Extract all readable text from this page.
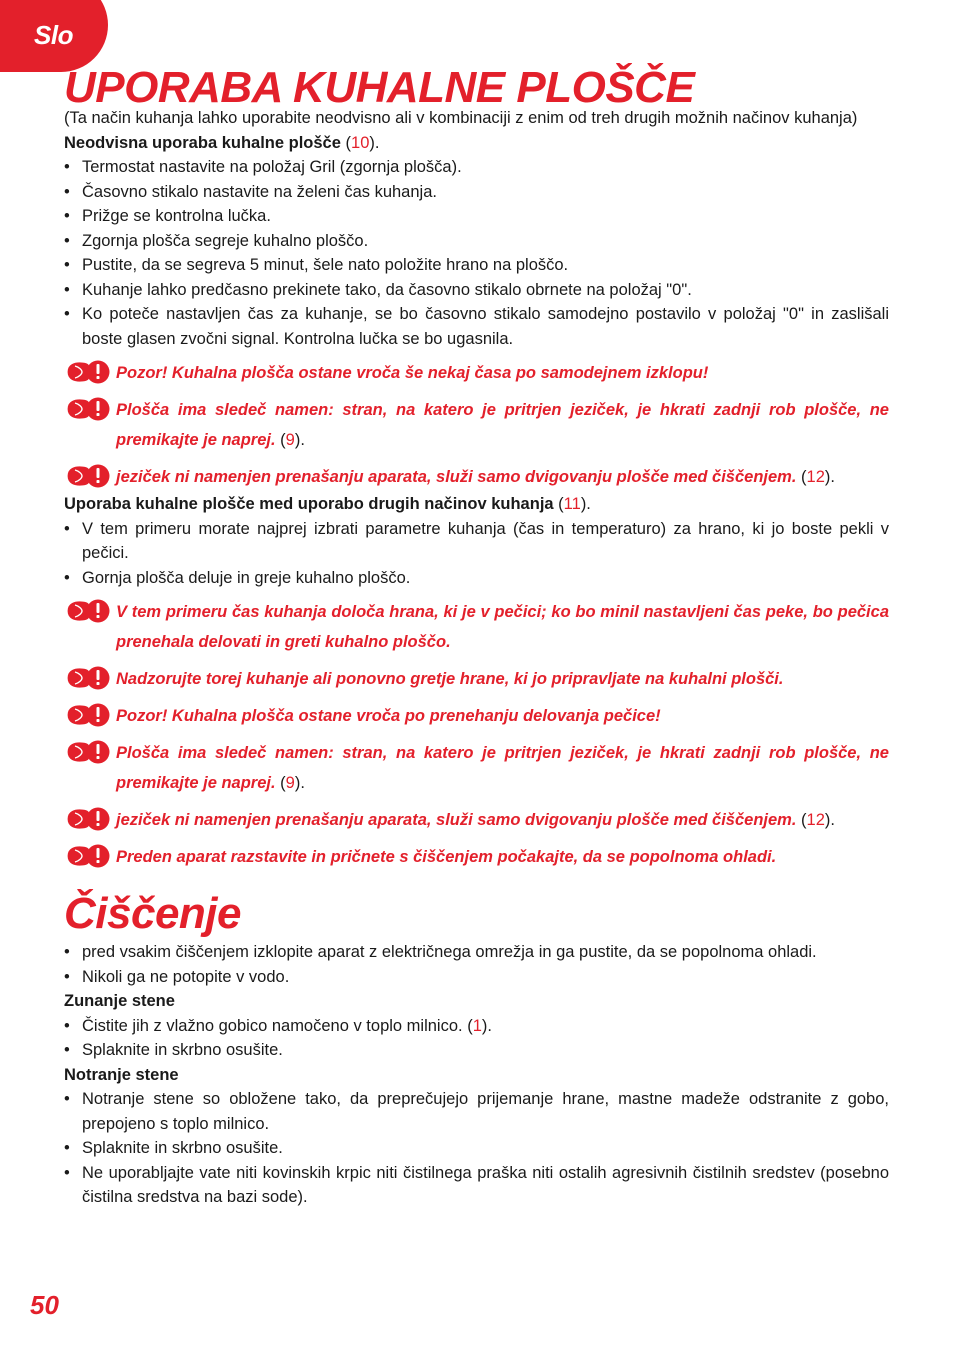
Slo
UPORABA KUHALNE PLOŠČE

(Ta način kuhanja lahko uporabite neodvisno ali v kombinaciji z enim od treh drugih možnih načinov kuhanja)

Neodvisna uporaba kuhalne plošče (10).

• Termostat nastavite na položaj Gril (zgornja plošča).
• Časovno stikalo nastavite na želeni čas kuhanja.
• Prižge se kontrolna lučka.
• Zgornja plošča segreje kuhalno ploščo.
• Pustite, da se segreva 5 minut, šele nato položite hrano na ploščo.
• Kuhanje lahko predčasno prekinete tako, da časovno stikalo obrnete na položaj "0".
• Ko poteče nastavljen čas za kuhanje, se bo časovno stikalo samodejno postavilo v položaj "0" in zaslišali boste glasen zvočni signal. Kontrolna lučka se bo ugasnila.
Pozor! Kuhalna plošča ostane vroča še nekaj časa po samodejnem izklopu!
Plošča ima sledeč namen: stran, na katero je pritrjen jeziček, je hkrati zadnji rob plošče, ne premikajte je naprej. (9).
jeziček ni namenjen prenašanju aparata, služi samo dvigovanju plošče med čiščenjem. (12).

Uporaba kuhalne plošče med uporabo drugih načinov kuhanja (11).

• V tem primeru morate najprej izbrati parametre kuhanja (čas in temperaturo) za hrano, ki jo boste pekli v pečici.
• Gornja plošča deluje in greje kuhalno ploščo.
V tem primeru čas kuhanja določa hrana, ki je v pečici; ko bo minil nastavljeni čas peke, bo pečica prenehala delovati in greti kuhalno ploščo.
Nadzorujte torej kuhanje ali ponovno gretje hrane, ki jo pripravljate na kuhalni plošči.
Pozor! Kuhalna plošča ostane vroča po prenehanju delovanja pečice!
Plošča ima sledeč namen: stran, na katero je pritrjen jeziček, je hkrati zadnji rob plošče, ne premikajte je naprej. (9).
jeziček ni namenjen prenašanju aparata, služi samo dvigovanju plošče med čiščenjem. (12).
Preden aparat razstavite in pričnete s čiščenjem počakajte, da se popolnoma ohladi.
Čiščenje
• pred vsakim čiščenjem izklopite aparat z električnega omrežja in ga pustite, da se popolnoma ohladi.
• Nikoli ga ne potopite v vodo.

Zunanje stene

• Čistite jih z vlažno gobico namočeno v toplo milnico. (1).
• Splaknite in skrbno osušite.

Notranje stene

• Notranje stene so obložene tako, da preprečujejo prijemanje hrane, mastne madeže odstranite z gobo, prepojeno s toplo milnico.
• Splaknite in skrbno osušite.
• Ne uporabljajte vate niti kovinskih krpic niti čistilnega praška niti ostalih agresivnih čistilnih sredstev (posebno čistilna sredstva na bazi sode).
50
